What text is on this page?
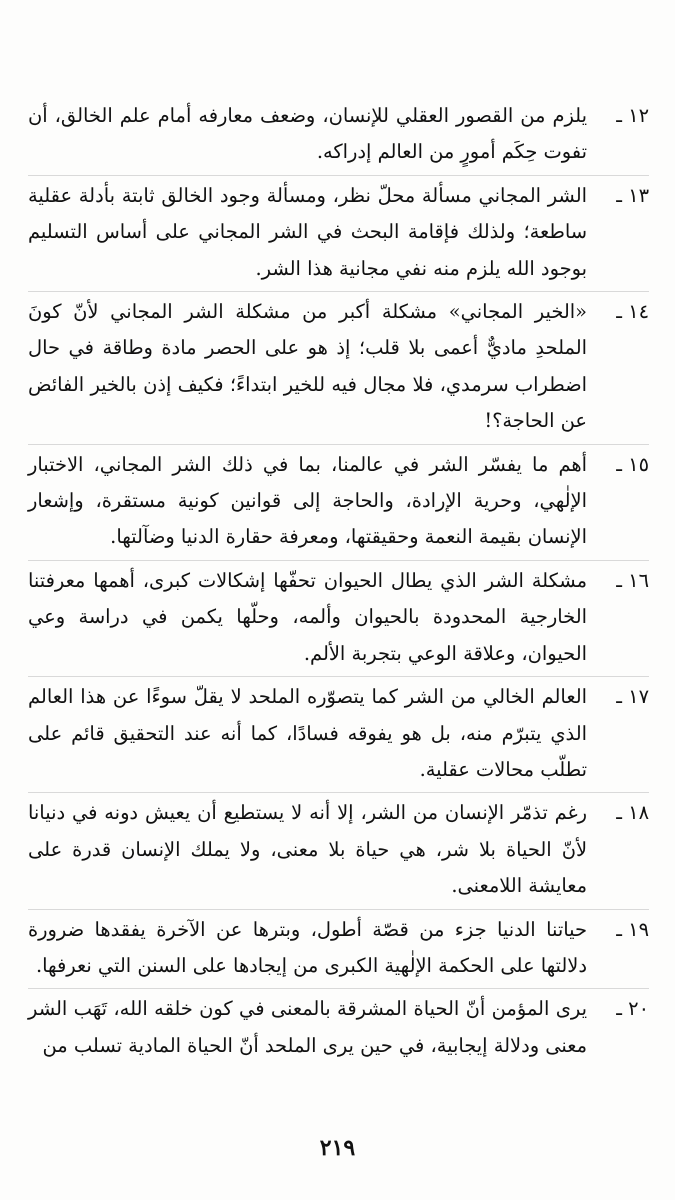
١٢ ـ
يلزم من القصور العقلي للإنسان، وضعف معارفه أمام علم الخالق، أن تفوت حِكَم أمورٍ من العالم إدراكه.
١٣ ـ
الشر المجاني مسألة محلّ نظر، ومسألة وجود الخالق ثابتة بأدلة عقلية ساطعة؛ ولذلك فإقامة البحث في الشر المجاني على أساس التسليم بوجود الله يلزم منه نفي مجانية هذا الشر.
١٤ ـ
«الخير المجاني» مشكلة أكبر من مشكلة الشر المجاني لأنّ كونَ الملحدِ ماديٌّ أعمى بلا قلب؛ إذ هو على الحصر مادة وطاقة في حال اضطراب سرمدي، فلا مجال فيه للخير ابتداءً؛ فكيف إذن بالخير الفائض عن الحاجة؟!
١٥ ـ
أهم ما يفسّر الشر في عالمنا، بما في ذلك الشر المجاني، الاختبار الإلٰهي، وحرية الإرادة، والحاجة إلى قوانين كونية مستقرة، وإشعار الإنسان بقيمة النعمة وحقيقتها، ومعرفة حقارة الدنيا وضآلتها.
١٦ ـ
مشكلة الشر الذي يطال الحيوان تحفّها إشكالات كبرى، أهمها معرفتنا الخارجية المحدودة بالحيوان وألمه، وحلّها يكمن في دراسة وعي الحيوان، وعلاقة الوعي بتجربة الألم.
١٧ ـ
العالم الخالي من الشر كما يتصوّره الملحد لا يقلّ سوءًا عن هذا العالم الذي يتبرّم منه، بل هو يفوقه فسادًا، كما أنه عند التحقيق قائم على تطلّب محالات عقلية.
١٨ ـ
رغم تذمّر الإنسان من الشر، إلا أنه لا يستطيع أن يعيش دونه في دنيانا لأنّ الحياة بلا شر، هي حياة بلا معنى، ولا يملك الإنسان قدرة على معايشة اللامعنى.
١٩ ـ
حياتنا الدنيا جزء من قصّة أطول، وبترها عن الآخرة يفقدها ضرورة دلالتها على الحكمة الإلٰهية الكبرى من إيجادها على السنن التي نعرفها.
٢٠ ـ
يرى المؤمن أنّ الحياة المشرقة بالمعنى في كون خلقه الله، تَهَب الشر معنى ودلالة إيجابية، في حين يرى الملحد أنّ الحياة المادية تسلب من
٢١٩
